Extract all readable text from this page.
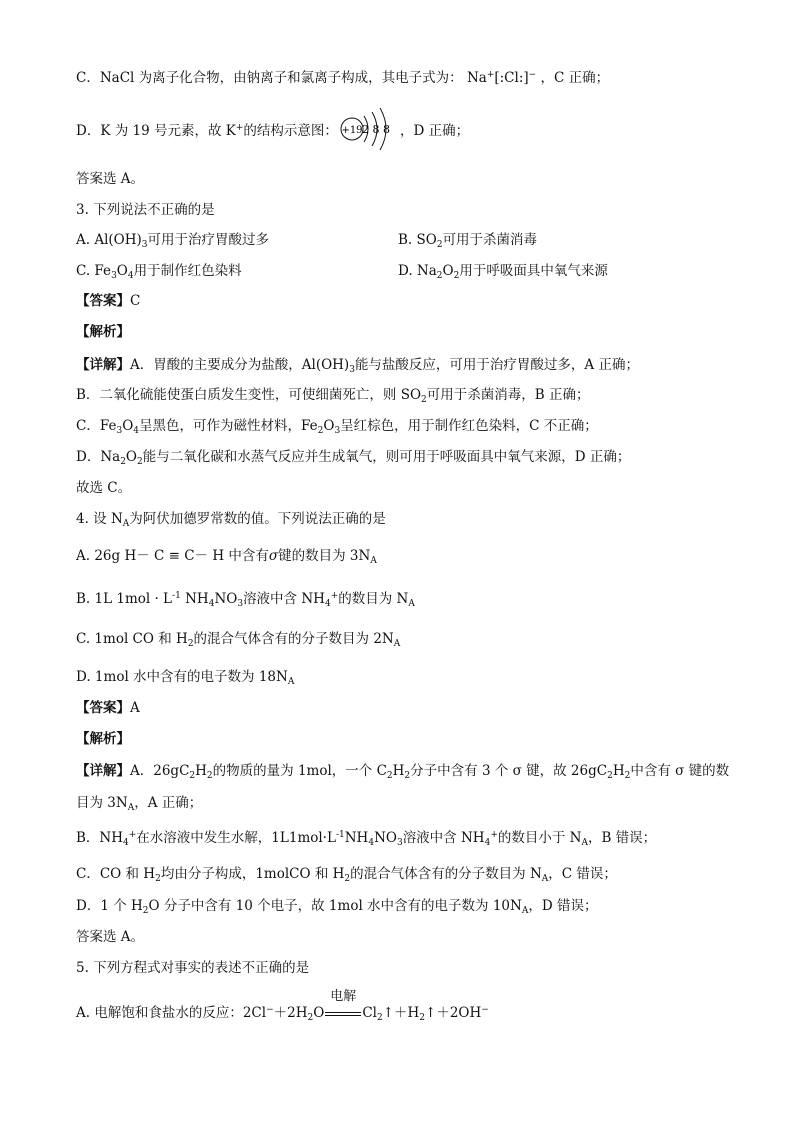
C．NaCl 为离子化合物，由钠离子和氯离子构成，其电子式为： Na+[:Cl:]− ，C 正确；
D．K 为 19 号元素，故 K+的结构示意图： +19 2 8 8 ，D 正确；
答案选 A。
3. 下列说法不正确的是
A. $Al(OH)_3$可用于治疗胃酸过多	B. $SO_2$可用于杀菌消毒
C. $Fe_3O_4$用于制作红色染料	D. $Na_2O_2$用于呼吸面具中氧气来源
【答案】C
【解析】
【详解】A．胃酸的主要成分为盐酸，$Al(OH)_3$能与盐酸反应，可用于治疗胃酸过多，A 正确；
B．二氧化硫能使蛋白质发生变性，可使细菌死亡，则 $SO_2$可用于杀菌消毒，B 正确；
C．$Fe_3O_4$呈黑色，可作为磁性材料，$Fe_2O_3$呈红棕色，用于制作红色染料，C 不正确；
D．$Na_2O_2$能与二氧化碳和水蒸气反应并生成氧气，则可用于呼吸面具中氧气来源，D 正确；
故选 C。
4. 设 $N_A$为阿伏加德罗常数的值。下列说法正确的是
A. 26g H－ C ≡ C－ H 中含有σ键的数目为 $3N_A$
B. 1L $1mol \cdot L^{-1}$ $NH_4NO_3$溶液中含 $NH_4^+$的数目为 $N_A$
C. 1mol CO 和 $H_2$的混合气体含有的分子数目为 $2N_A$
D. 1mol 水中含有的电子数为 $18N_A$
【答案】A
【解析】
【详解】A．$26gC_2H_2$的物质的量为 1mol，一个 $C_2H_2$分子中含有 3 个 σ 键，故 $26gC_2H_2$中含有 σ 键的数
目为 $3N_A$，A 正确；
B．$NH_4^+$在水溶液中发生水解，$1L1mol\cdot L^{-1}NH_4NO_3$溶液中含 $NH_4^+$的数目小于 $N_A$，B 错误；
C．CO 和 $H_2$均由分子构成，1molCO 和 $H_2$的混合气体含有的分子数目为 $N_A$，C 错误；
D．1 个 $H_2O$ 分子中含有 10 个电子，故 1mol 水中含有的电子数为 $10N_A$，D 错误；
答案选 A。
5. 下列方程式对事实的表述不正确的是
A. 电解饱和食盐水的反应：$2Cl^-+2H_2O$
电解
$Cl_2↑+H_2↑+2OH^-$
